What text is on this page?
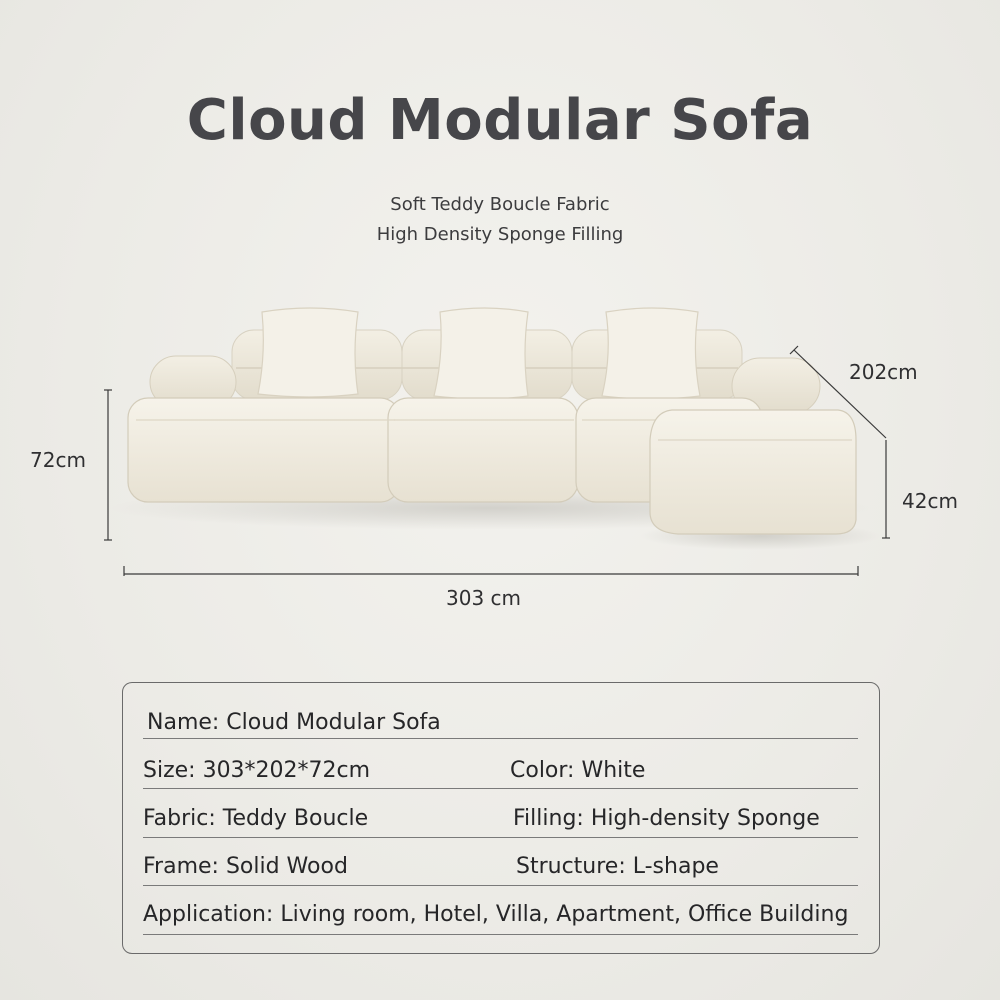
Cloud Modular Sofa
Soft Teddy Boucle Fabric
High Density Sponge Filling
72cm
303 cm
202cm
42cm
Name: Cloud Modular Sofa
Size: 303*202*72cm	Color: White
Fabric: Teddy Boucle	Filling: High-density Sponge
Frame: Solid Wood	Structure: L-shape
Application: Living room, Hotel, Villa, Apartment, Office Building
